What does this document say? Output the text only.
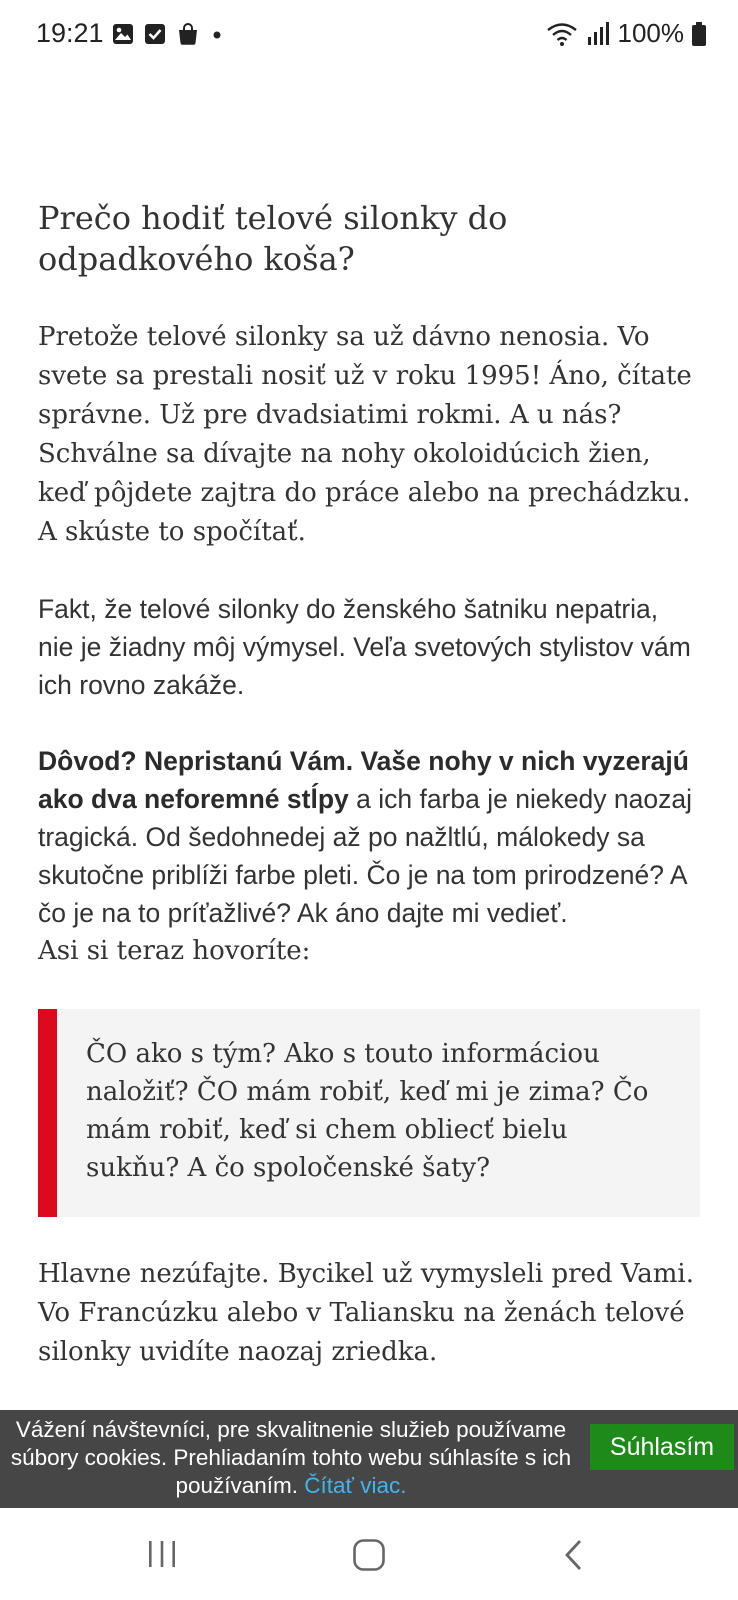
19:21	100%
Prečo hodiť telové silonky do odpadkového koša?

Pretože telové silonky sa už dávno nenosia. Vo svete sa prestali nosiť už v roku 1995! Áno, čítate správne. Už pre dvadsiatimi rokmi. A u nás? Schválne sa dívajte na nohy okoloidúcich žien, keď pôjdete zajtra do práce alebo na prechádzku. A skúste to spočítať.

Fakt, že telové silonky do ženského šatniku nepatria, nie je žiadny môj výmysel. Veľa svetových stylistov vám ich rovno zakáže.

Dôvod? Nepristanú Vám. Vaše nohy v nich vyzerajú ako dva neforemné stĺpy a ich farba je niekedy naozaj tragická. Od šedohnedej až po nažltlú, málokedy sa skutočne priblíži farbe pleti. Čo je na tom prirodzené? A čo je na to príťažlivé? Ak áno dajte mi vedieť.

Asi si teraz hovoríte:

ČO ako s tým? Ako s touto informáciou naložiť? ČO mám robiť, keď mi je zima? Čo mám robiť, keď si chem obliecť bielu sukňu? A čo spoločenské šaty?

Hlavne nezúfajte. Bycikel už vymysleli pred Vami. Vo Francúzku alebo v Taliansku na ženách telové silonky uvidíte naozaj zriedka.

Vážení návštevníci, pre skvalitnenie služieb používame súbory cookies. Prehliadaním tohto webu súhlasíte s ich používaním. Čítať viac.
Súhlasím
